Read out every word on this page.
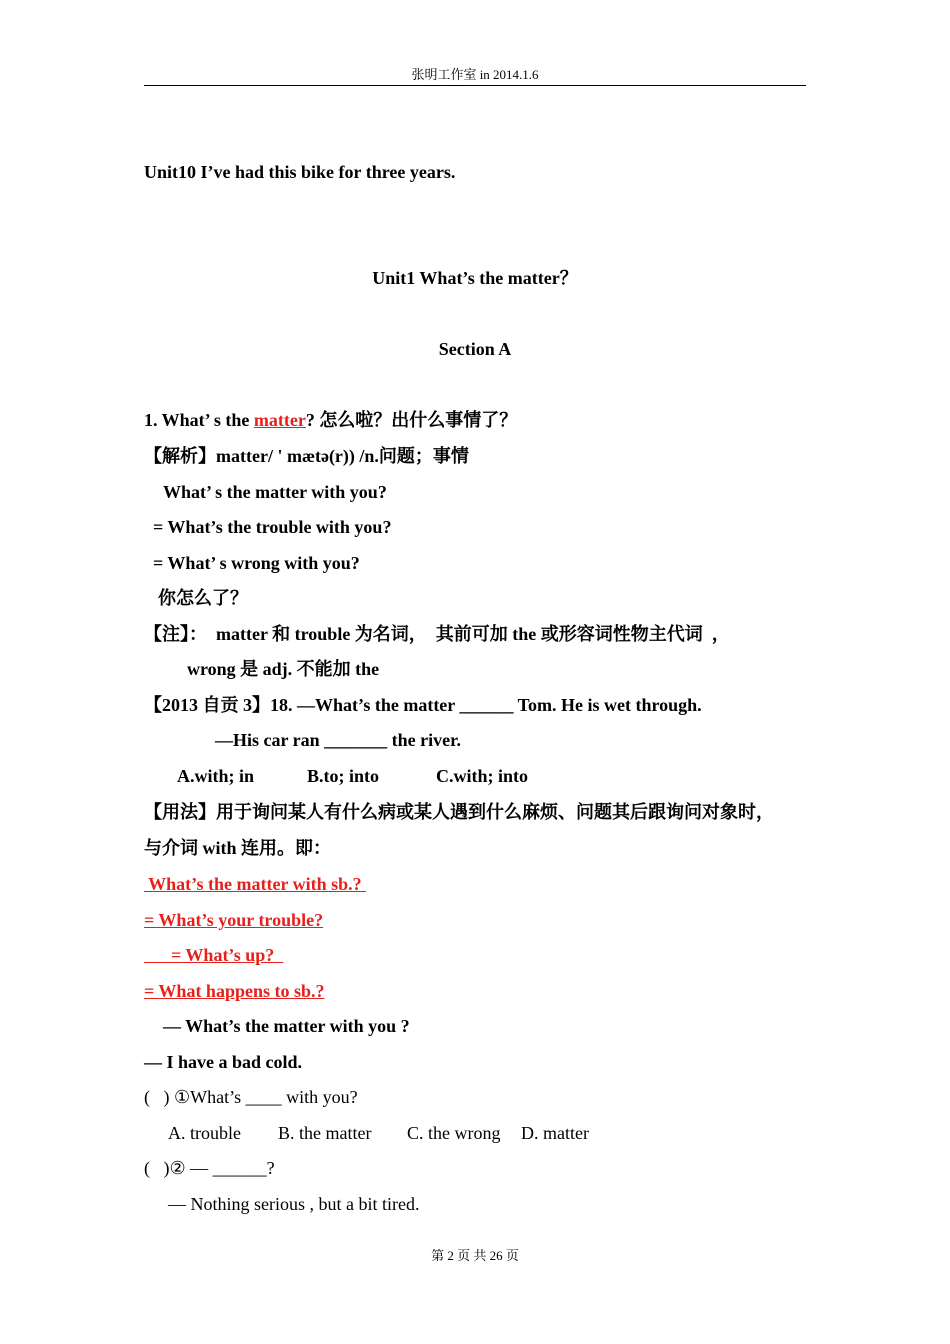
张明工作室 in 2014.1.6
Unit10 I’ve had this bike for three years.
Unit1 What’s the matter？
Section A
1. What’ s the matter? 怎么啦？出什么事情了？
【解析】matter/ ' mætə(r)) /n.问题；事情
What’ s the matter with you?
= What’s the trouble with you?
= What’ s wrong with you?
你怎么了？
【注】：  matter 和 trouble 为名词，  其前可加 the 或形容词性物主代词  ，
wrong 是 adj. 不能加 the
【2013 自贡 3】18. —What’s the matter ______ Tom. He is wet through.
—His car ran _______ the river.
A.with; in	B.to; into	C.with; into
【用法】用于询问某人有什么病或某人遇到什么麻烦、问题其后跟询问对象时，
与介词 with 连用。即：
What’s the matter with sb.?
= What’s your trouble?
= What’s up?
= What happens to sb.?
— What’s the matter with you ?
— I have a bad cold.
(   ) ①What’s ____ with you?
A. trouble B. the matter C. the wrong D. matter
(   )② — ______?
— Nothing serious , but a bit tired.
第 2 页 共 26 页
